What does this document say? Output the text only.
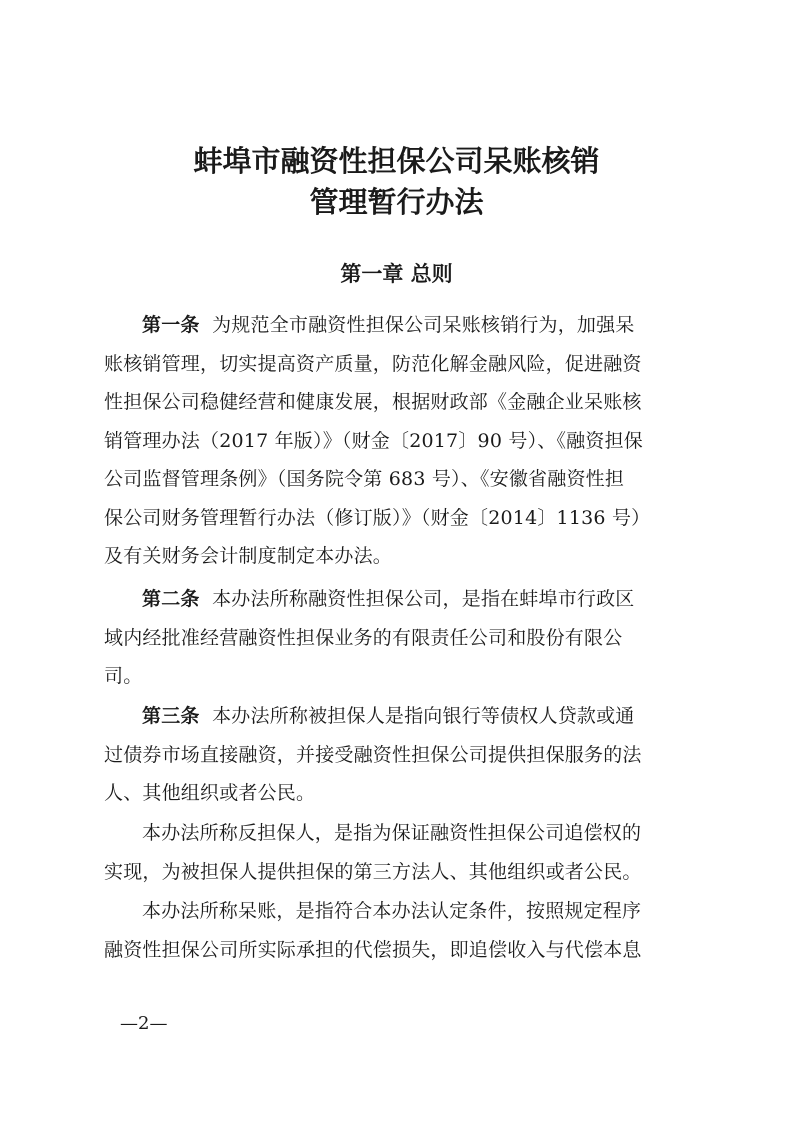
蚌埠市融资性担保公司呆账核销
管理暂行办法
第一章 总则
第一条 为规范全市融资性担保公司呆账核销行为，加强呆
账核销管理，切实提高资产质量，防范化解金融风险，促进融资
性担保公司稳健经营和健康发展，根据财政部《金融企业呆账核
销管理办法（2017 年版）》（财金〔2017〕90 号）、《融资担保
公司监督管理条例》（国务院令第 683 号）、《安徽省融资性担
保公司财务管理暂行办法（修订版）》（财金〔2014〕1136 号）
及有关财务会计制度制定本办法。
第二条 本办法所称融资性担保公司，是指在蚌埠市行政区
域内经批准经营融资性担保业务的有限责任公司和股份有限公
司。
第三条 本办法所称被担保人是指向银行等债权人贷款或通
过债券市场直接融资，并接受融资性担保公司提供担保服务的法
人、其他组织或者公民。
本办法所称反担保人，是指为保证融资性担保公司追偿权的
实现，为被担保人提供担保的第三方法人、其他组织或者公民。
本办法所称呆账，是指符合本办法认定条件，按照规定程序
融资性担保公司所实际承担的代偿损失，即追偿收入与代偿本息
—2—
